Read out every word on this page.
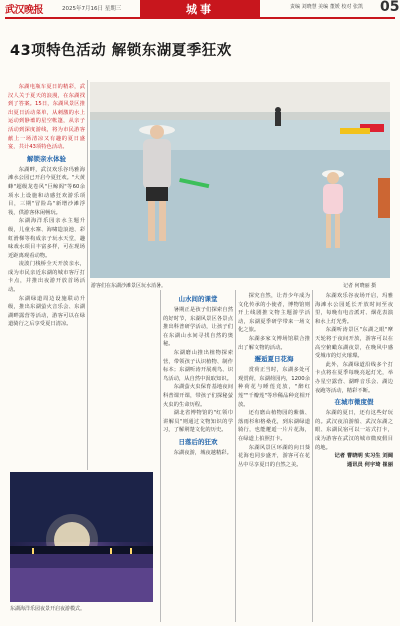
武汉晚报	2025年7月16日 星期三	责编 刘晓慧 美编 董媛 校对 张凯
城事	05
43项特色活动 解锁东湖夏季狂欢

东湖电瓶车夏日的精彩，武汉人关于夏天的浪漫，在东湖找到了答案。15日，东湖风景区推出夏日活动菜单，从刺激的水上运动到静谧的星空帐篷，从亲子活动到深度游线，将为市民游客献上一场清凉又有趣的夏日盛宴，共计43项特色活动。

解锁亲水体验

东湖畔，武汉欢乐谷玛雅海滩水公园已开启今夏狂欢。"大黄蜂"超级龙卷风"巨鲸阁"等60余项水上设施和动感狂欢游乐项目，三期"冒险岛"新增沙滩浮筏，供游客休闲畅玩。

东湖海洋乐园亲水主题升级，儿童水寨、海啸造浪池、彩虹滑梯等构成亲子玩水天堂，趣味戏水项目丰富多样，可在现场近距离观看动物。

凌波门栈桥全天开放亲水，成为市民亲近东湖的城市客厅打卡点，并推出夜游开放首场活动。

东湖绿道周边设施联动升级，推出东湖萤火音乐会、东湖湖畔露营等活动，游客可以在绿道骑行之后享受夏日清凉。

游客们在东湖沙滩景区玩水消暑。	记者 何晓丽 摄

山水间的课堂

暑期正是孩子们探索自然的好时节，东湖风景区各景点推出科普研学活动，让孩子们在东湖山水间寻找自然的奥秘。

东湖磨山推出植物探索营，带领孩子认识植物、制作标本；东湖听涛开展观鸟、识鸟活动，从自然中汲取知识。

东湖萤火虫保育基地夜间科普课开课，带孩子们探秘萤火虫的生命历程。

湖北省博物馆的"红领巾讲解员"则通过文物知识的学习，了解荆楚文化的历史。

日落后的狂欢

东湖夜游，城夜越精彩。

探究自然，让青少年成为文化传承的小使者，博物馆则开上线剧推文物主题游学活动，东湖夏季研学带来一场文化之旅。

东湖多家文博场馆联合推出了解文物的活动。

邂逅夏日花海

赏荷正当时，东湖多处可观赏荷，东湖荷园内，1200余种荷花与睡莲竞放，"醉红莲""千瓣莲"等珍稀品种竞相开放。

还有磨山植物园的紫薇、落雨杉和格桑花，到东湖绿道骑行，也能邂逅一片片花海，在绿道上拍照打卡。

东湖风景区环湖的向日葵花海也同步盛开，游客可在花丛中尽享夏日的自然之美。

东湖欢乐谷夜场开启，玛雅海滩水公园延长开放时间至夜里，每晚有电音派对、烟花表演和水上灯光秀。

东湖听涛景区"东湖之眼"摩天轮将于夜间开放，游客可以在高空俯瞰东湖夜景，在晚风中感受城市的灯火璀璨。

此外，东湖绿道沿线多个打卡点将在夏季每晚亮起灯光，举办星空露营、湖畔音乐会、湖边夜跑等活动，精彩不断。

在城市微度假

东湖的夏日，还有这些好玩的。武汉夜泊游船、武汉东湖之眼、东湖民宿可以一站式打卡，成为游客在武汉的城市微度假目的地。

记者 曹晓明 实习生 刘阔

通讯员 何宇琦 崔丽

东湖海洋乐园夜景开启夜游模式。
